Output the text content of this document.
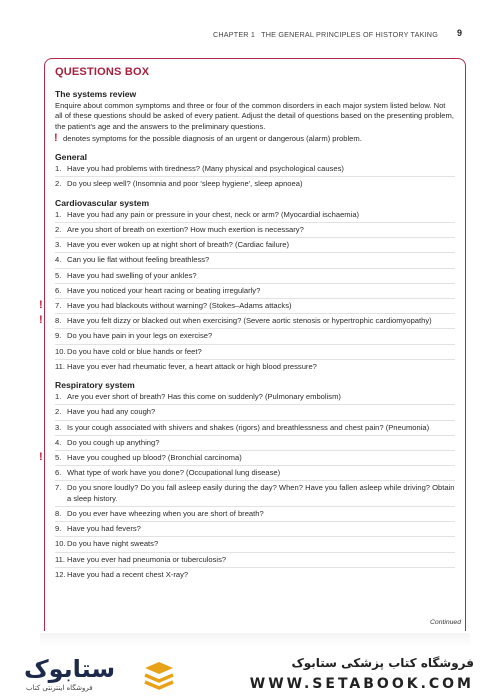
CHAPTER 1 THE GENERAL PRINCIPLES OF HISTORY TAKING 9
QUESTIONS BOX
The systems review

Enquire about common symptoms and three or four of the common disorders in each major system listed below. Not all of these questions should be asked of every patient. Adjust the detail of questions based on the presenting problem, the patient's age and the answers to the preliminary questions.

! denotes symptoms for the possible diagnosis of an urgent or dangerous (alarm) problem.

General
1. Have you had problems with tiredness? (Many physical and psychological causes)
2. Do you sleep well? (Insomnia and poor 'sleep hygiene', sleep apnoea)
Cardiovascular system
1. Have you had any pain or pressure in your chest, neck or arm? (Myocardial ischaemia)
2. Are you short of breath on exertion? How much exertion is necessary?
3. Have you ever woken up at night short of breath? (Cardiac failure)
4. Can you lie flat without feeling breathless?
5. Have you had swelling of your ankles?
6. Have you noticed your heart racing or beating irregularly?
! 7. Have you had blackouts without warning? (Stokes–Adams attacks)
! 8. Have you felt dizzy or blacked out when exercising? (Severe aortic stenosis or hypertrophic cardiomyopathy)
9. Do you have pain in your legs on exercise?
10. Do you have cold or blue hands or feet?
11. Have you ever had rheumatic fever, a heart attack or high blood pressure?
Respiratory system
1. Are you ever short of breath? Has this come on suddenly? (Pulmonary embolism)
2. Have you had any cough?
3. Is your cough associated with shivers and shakes (rigors) and breathlessness and chest pain? (Pneumonia)
4. Do you cough up anything?
! 5. Have you coughed up blood? (Bronchial carcinoma)
6. What type of work have you done? (Occupational lung disease)
7. Do you snore loudly? Do you fall asleep easily during the day? When? Have you fallen asleep while driving? Obtain a sleep history.
8. Do you ever have wheezing when you are short of breath?
9. Have you had fevers?
10. Do you have night sweats?
11. Have you ever had pneumonia or tuberculosis?
12. Have you had a recent chest X-ray?
Continued
ستابوک
فروشگاه اینترنتی کتاب
فروشگاه کتاب پزشکی ستابوک
WWW.SETABOOK.COM
